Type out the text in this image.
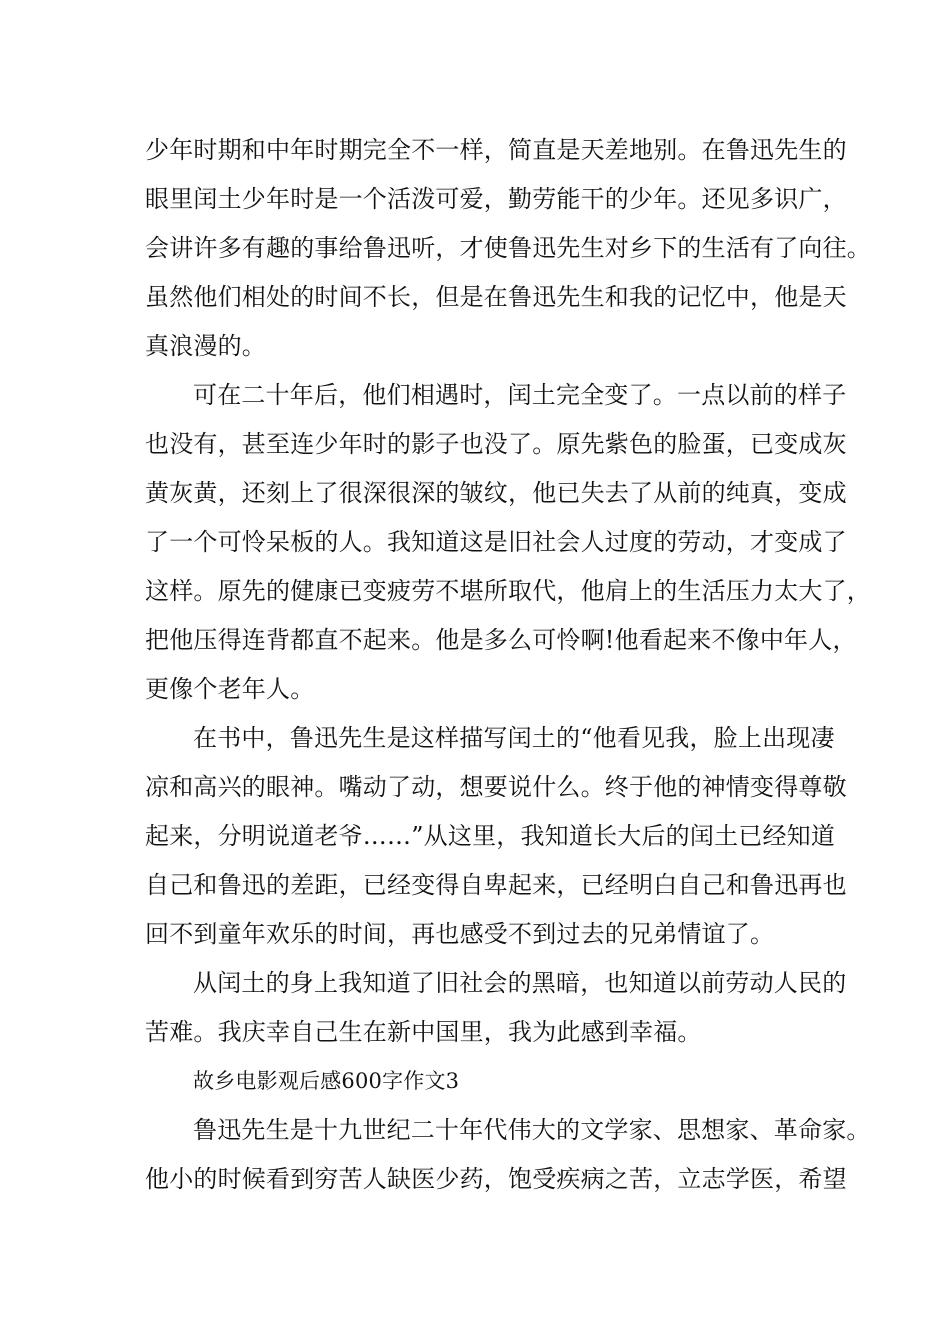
少年时期和中年时期完全不一样，简直是天差地别。在鲁迅先生的
眼里闰土少年时是一个活泼可爱，勤劳能干的少年。还见多识广，
会讲许多有趣的事给鲁迅听，才使鲁迅先生对乡下的生活有了向往。
虽然他们相处的时间不长，但是在鲁迅先生和我的记忆中，他是天
真浪漫的。
可在二十年后，他们相遇时，闰土完全变了。一点以前的样子
也没有，甚至连少年时的影子也没了。原先紫色的脸蛋，已变成灰
黄灰黄，还刻上了很深很深的皱纹，他已失去了从前的纯真，变成
了一个可怜呆板的人。我知道这是旧社会人过度的劳动，才变成了
这样。原先的健康已变疲劳不堪所取代，他肩上的生活压力太大了，
把他压得连背都直不起来。他是多么可怜啊!他看起来不像中年人，
更像个老年人。
在书中，鲁迅先生是这样描写闰土的“他看见我，脸上出现凄
凉和高兴的眼神。嘴动了动，想要说什么。终于他的神情变得尊敬
起来，分明说道老爷……”从这里，我知道长大后的闰土已经知道
自己和鲁迅的差距，已经变得自卑起来，已经明白自己和鲁迅再也
回不到童年欢乐的时间，再也感受不到过去的兄弟情谊了。
从闰土的身上我知道了旧社会的黑暗，也知道以前劳动人民的
苦难。我庆幸自己生在新中国里，我为此感到幸福。
故乡电影观后感600字作文3
鲁迅先生是十九世纪二十年代伟大的文学家、思想家、革命家。
他小的时候看到穷苦人缺医少药，饱受疾病之苦，立志学医，希望
